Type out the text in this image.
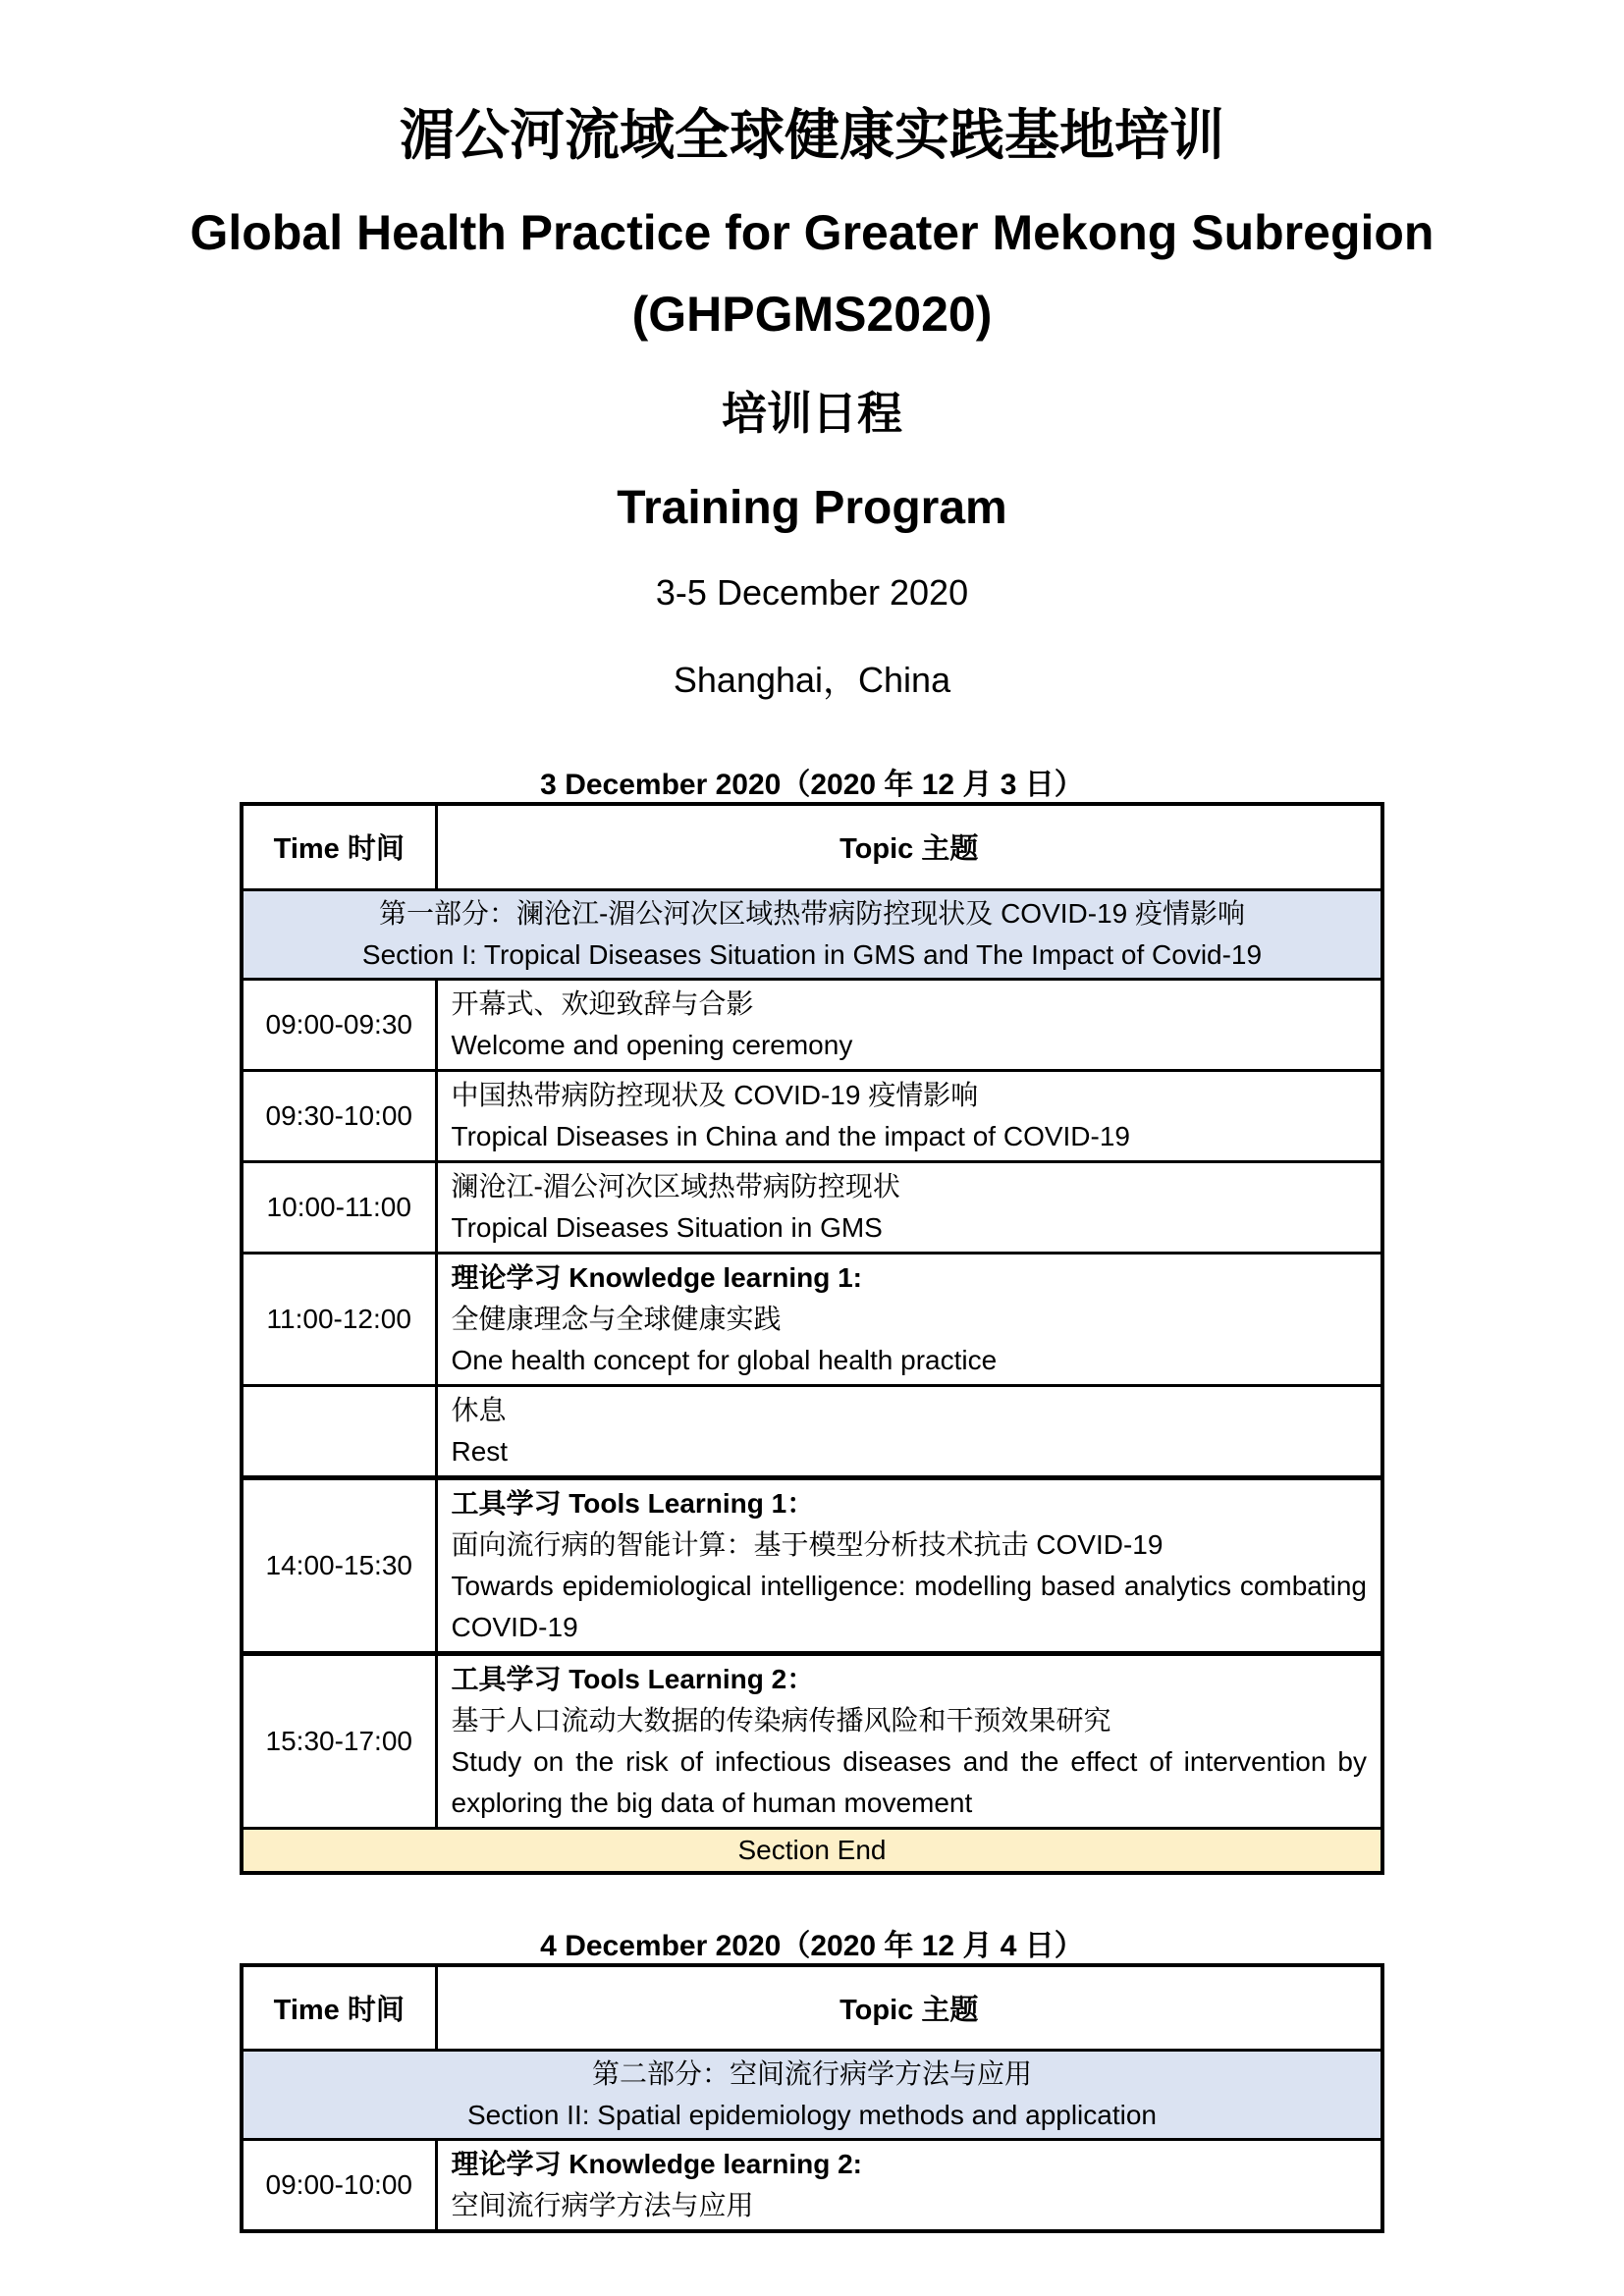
湄公河流域全球健康实践基地培训
Global Health Practice for Greater Mekong Subregion
(GHPGMS2020)
培训日程
Training Program
3-5 December 2020
Shanghai，China
3 December 2020（2020 年 12 月 3 日）
Time 时间	Topic 主题

第一部分：澜沧江-湄公河次区域热带病防控现状及 COVID-19 疫情影响
Section I: Tropical Diseases Situation in GMS and The Impact of Covid-19	

09:00-09:30	开幕式、欢迎致辞与合影
Welcome and opening ceremony

09:30-10:00	中国热带病防控现状及 COVID-19 疫情影响
Tropical Diseases in China and the impact of COVID-19

10:00-11:00	澜沧江-湄公河次区域热带病防控现状
Tropical Diseases Situation in GMS

11:00-12:00	理论学习 Knowledge learning 1:
全健康理念与全球健康实践
One health concept for global health practice

	休息
Rest

14:00-15:30	工具学习 Tools Learning 1：
面向流行病的智能计算：基于模型分析技术抗击 COVID-19
Towards epidemiological intelligence: modelling based analytics combating COVID-19

15:30-17:00	工具学习 Tools Learning 2：
基于人口流动大数据的传染病传播风险和干预效果研究
Study on the risk of infectious diseases and the effect of intervention by exploring the big data of human movement

Section End	
4 December 2020（2020 年 12 月 4 日）
Time 时间	Topic 主题

第二部分：空间流行病学方法与应用
Section II: Spatial epidemiology methods and application	

09:00-10:00	理论学习 Knowledge learning 2:
空间流行病学方法与应用
